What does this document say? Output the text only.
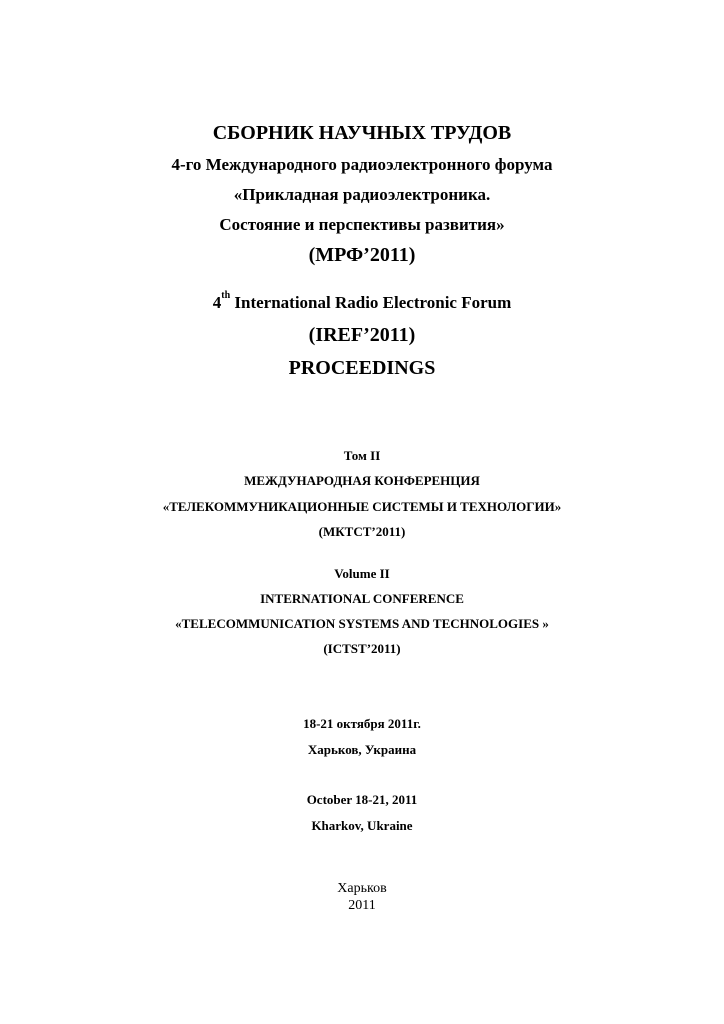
СБОРНИК НАУЧНЫХ ТРУДОВ
4-го Международного радиоэлектронного форума
«Прикладная радиоэлектроника.
Состояние и перспективы развития»
(МРФ’2011)
4th International Radio Electronic Forum
(IREF’2011)
PROCEEDINGS
Том II
МЕЖДУНАРОДНАЯ КОНФЕРЕНЦИЯ
«ТЕЛЕКОММУНИКАЦИОННЫЕ СИСТЕМЫ И ТЕХНОЛОГИИ»
(МКТСТ’2011)
Volume II
INTERNATIONAL CONFERENCE
«TELECOMMUNICATION SYSTEMS AND TECHNOLOGIES »
(ICTST’2011)
18-21 октября 2011г.
Харьков, Украина
October 18-21, 2011
Kharkov, Ukraine
Харьков
2011
